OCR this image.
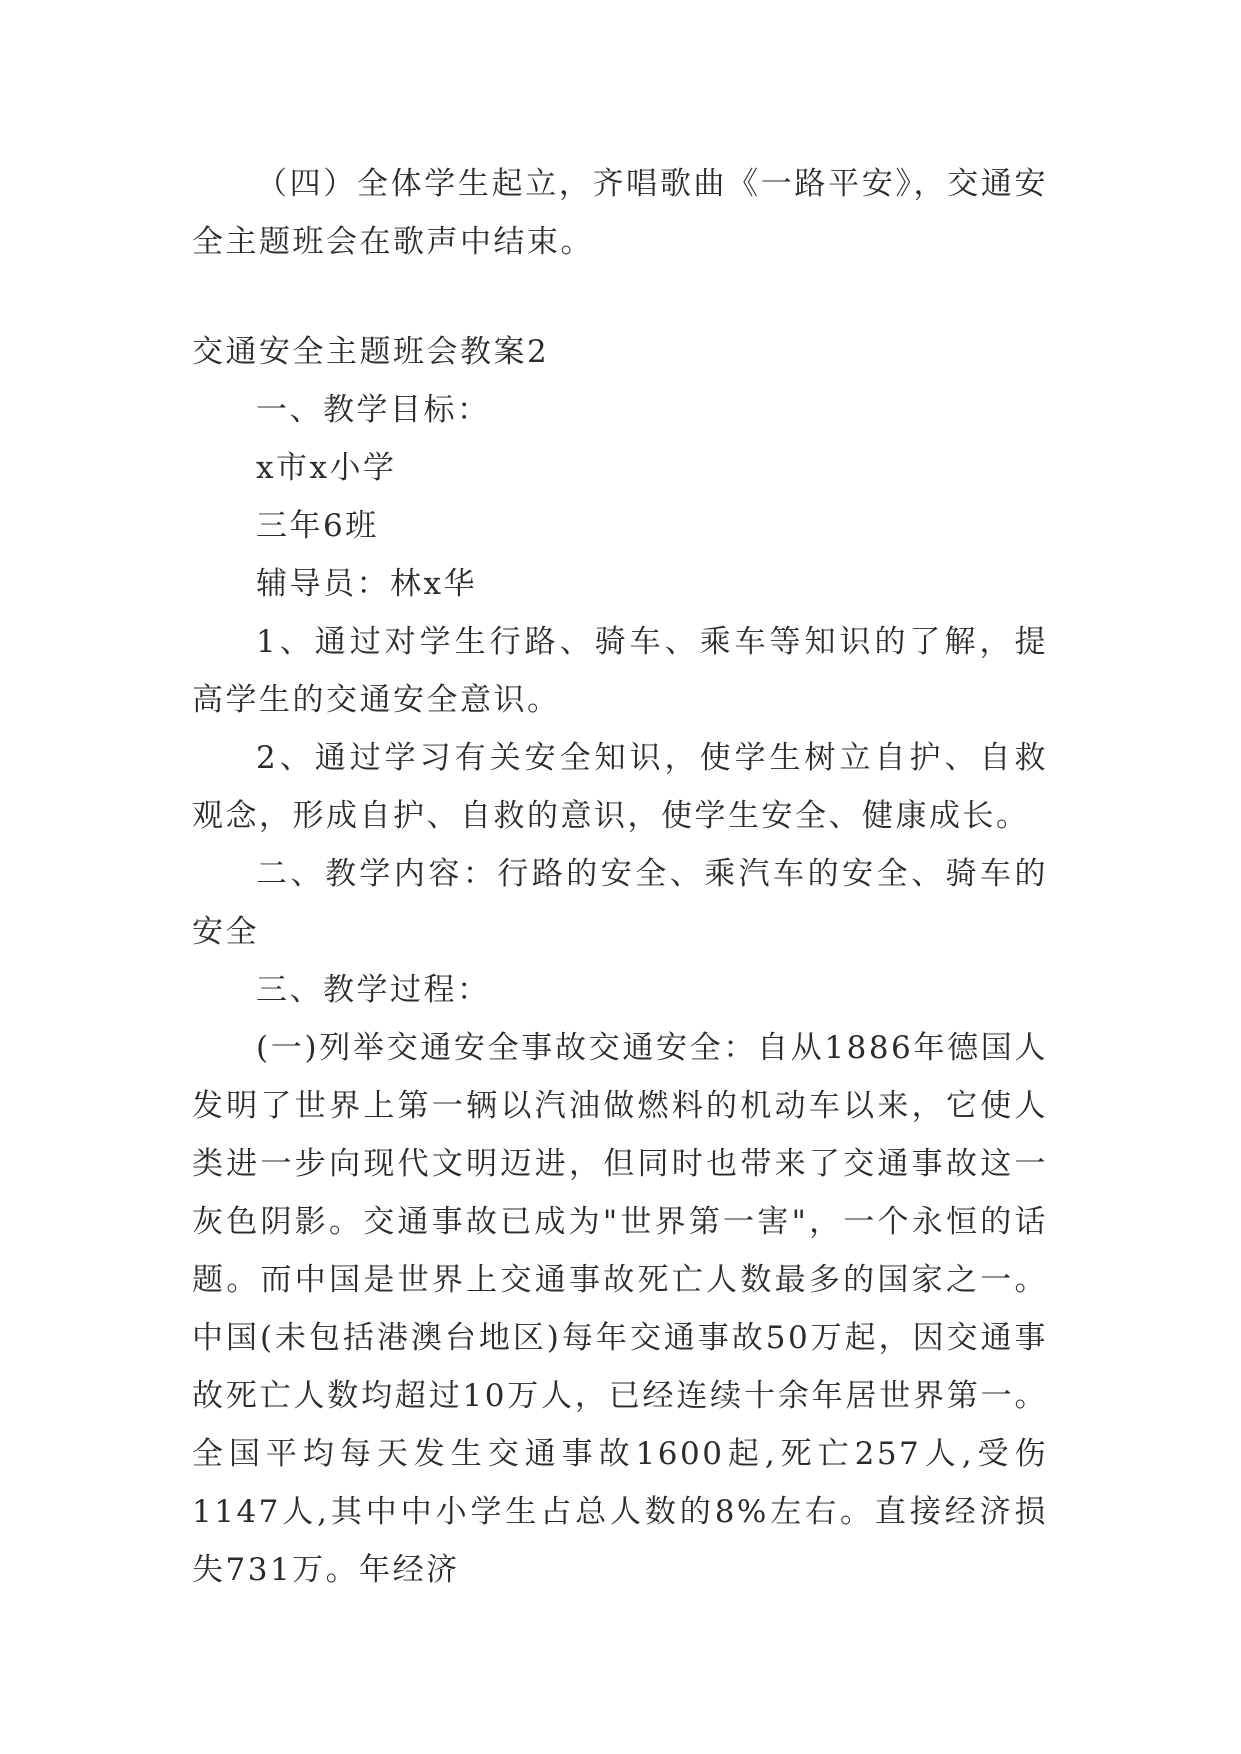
（四）全体学生起立，齐唱歌曲《一路平安》，交通安全主题班会在歌声中结束。

交通安全主题班会教案2

一、教学目标：

x市x小学

三年6班

辅导员：林x华

1、通过对学生行路、骑车、乘车等知识的了解，提高学生的交通安全意识。

2、通过学习有关安全知识，使学生树立自护、自救观念，形成自护、自救的意识，使学生安全、健康成长。

二、教学内容：行路的安全、乘汽车的安全、骑车的安全

三、教学过程：

(一)列举交通安全事故交通安全：自从1886年德国人发明了世界上第一辆以汽油做燃料的机动车以来，它使人类进一步向现代文明迈进，但同时也带来了交通事故这一灰色阴影。交通事故已成为"世界第一害"，一个永恒的话题。而中国是世界上交通事故死亡人数最多的国家之一。中国(未包括港澳台地区)每年交通事故50万起，因交通事故死亡人数均超过10万人，已经连续十余年居世界第一。全国平均每天发生交通事故1600起,死亡257人,受伤1147人,其中中小学生占总人数的8%左右。直接经济损失731万。年经济
